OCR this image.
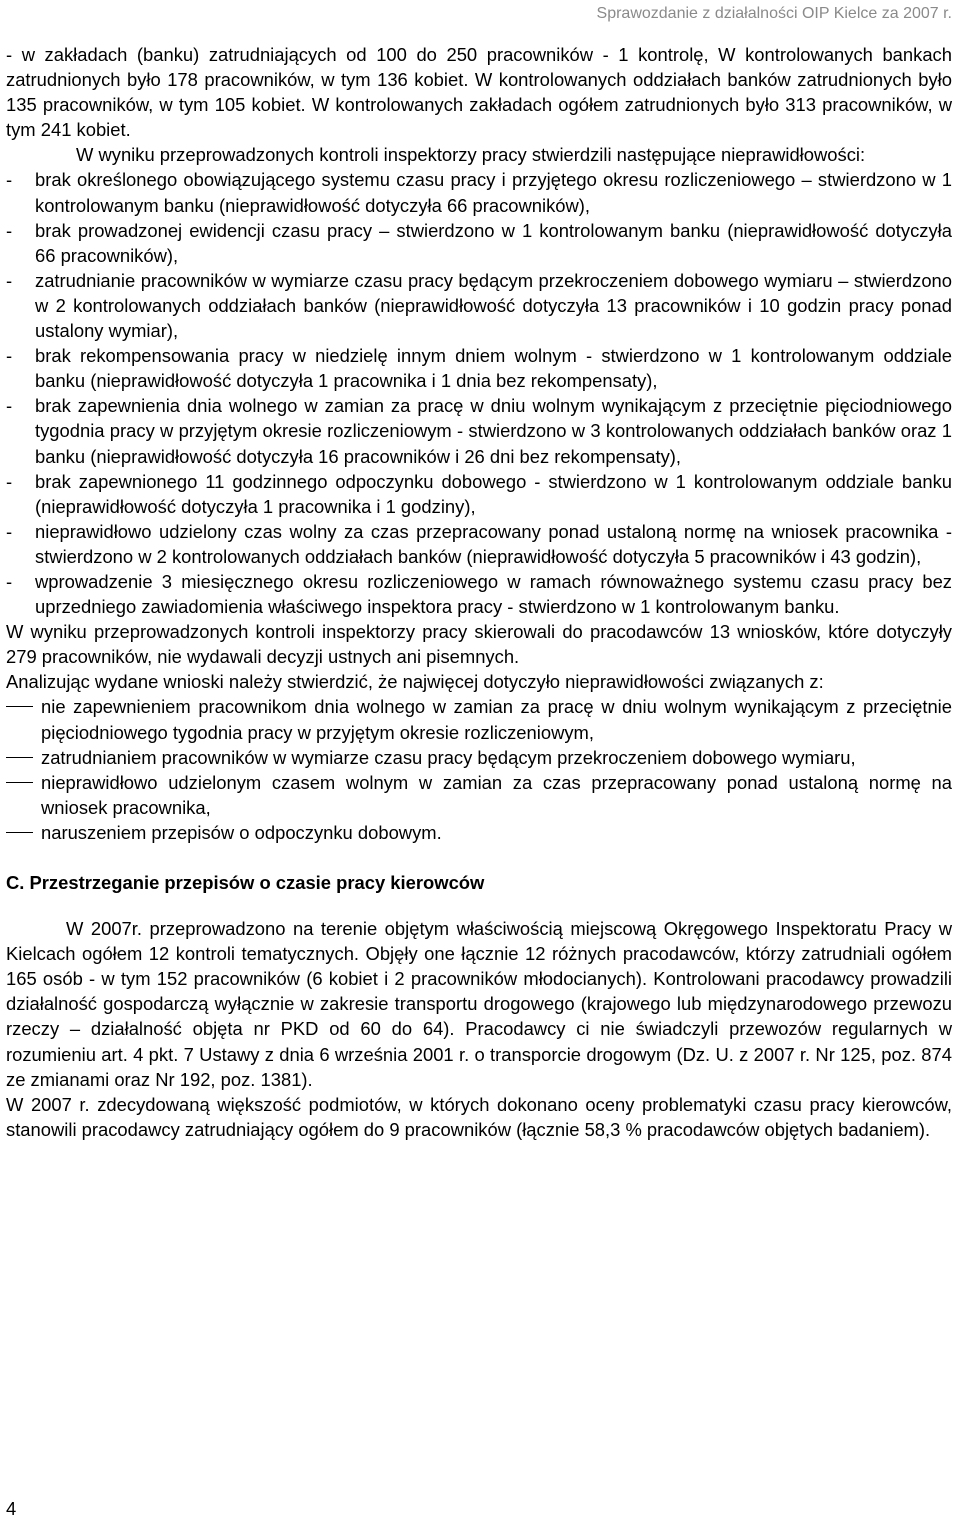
Sprawozdanie z działalności OIP Kielce za 2007 r.

- w zakładach (banku) zatrudniających od 100 do 250 pracowników - 1 kontrolę, W kontrolowanych bankach zatrudnionych było 178 pracowników, w tym 136 kobiet. W kontrolowanych oddziałach banków zatrudnionych było 135 pracowników, w tym 105 kobiet. W kontrolowanych zakładach ogółem zatrudnionych było 313 pracowników, w tym 241 kobiet.

W wyniku przeprowadzonych kontroli inspektorzy pracy stwierdzili następujące nieprawidłowości:

- brak określonego obowiązującego systemu czasu pracy i przyjętego okresu rozliczeniowego – stwierdzono w 1 kontrolowanym banku (nieprawidłowość dotyczyła 66 pracowników),
- brak prowadzonej ewidencji czasu pracy – stwierdzono w 1 kontrolowanym banku (nieprawidłowość dotyczyła 66 pracowników),
- zatrudnianie pracowników w wymiarze czasu pracy będącym przekroczeniem dobowego wymiaru – stwierdzono w 2 kontrolowanych oddziałach banków (nieprawidłowość dotyczyła 13 pracowników i 10 godzin pracy ponad ustalony wymiar),
- brak rekompensowania pracy w niedzielę innym dniem wolnym - stwierdzono w 1 kontrolowanym oddziale banku (nieprawidłowość dotyczyła 1 pracownika i 1 dnia bez rekompensaty),
- brak zapewnienia dnia wolnego w zamian za pracę w dniu wolnym wynikającym z przeciętnie pięciodniowego tygodnia pracy w przyjętym okresie rozliczeniowym - stwierdzono w 3 kontrolowanych oddziałach banków oraz 1 banku (nieprawidłowość dotyczyła 16 pracowników i 26 dni bez rekompensaty),
- brak zapewnionego 11 godzinnego odpoczynku dobowego - stwierdzono w 1 kontrolowanym oddziale banku (nieprawidłowość dotyczyła 1 pracownika i 1 godziny),
- nieprawidłowo udzielony czas wolny za czas przepracowany ponad ustaloną normę na wniosek pracownika - stwierdzono w 2 kontrolowanych oddziałach banków (nieprawidłowość dotyczyła 5 pracowników i 43 godzin),
- wprowadzenie 3 miesięcznego okresu rozliczeniowego w ramach równoważnego systemu czasu pracy bez uprzedniego zawiadomienia właściwego inspektora pracy - stwierdzono w 1 kontrolowanym banku.

W wyniku przeprowadzonych kontroli inspektorzy pracy skierowali do pracodawców 13 wniosków, które dotyczyły 279 pracowników, nie wydawali decyzji ustnych ani pisemnych.

Analizując wydane wnioski należy stwierdzić, że najwięcej dotyczyło nieprawidłowości związanych z:

nie zapewnieniem pracownikom dnia wolnego w zamian za pracę w dniu wolnym wynikającym z przeciętnie pięciodniowego tygodnia pracy w przyjętym okresie rozliczeniowym,
zatrudnianiem pracowników w wymiarze czasu pracy będącym przekroczeniem dobowego wymiaru,
nieprawidłowo udzielonym czasem wolnym w zamian za czas przepracowany ponad ustaloną normę na wniosek pracownika,
naruszeniem przepisów o odpoczynku dobowym.

C. Przestrzeganie przepisów o czasie pracy kierowców

W 2007r. przeprowadzono na terenie objętym właściwością miejscową Okręgowego Inspektoratu Pracy w Kielcach ogółem 12 kontroli tematycznych. Objęły one łącznie 12 różnych pracodawców, którzy zatrudniali ogółem 165 osób - w tym 152 pracowników (6 kobiet i 2 pracowników młodocianych). Kontrolowani pracodawcy prowadzili działalność gospodarczą wyłącznie w zakresie transportu drogowego (krajowego lub międzynarodowego przewozu rzeczy – działalność objęta nr PKD od 60 do 64). Pracodawcy ci nie świadczyli przewozów regularnych w rozumieniu art. 4 pkt. 7 Ustawy z dnia 6 września 2001 r. o transporcie drogowym (Dz. U. z 2007 r. Nr 125, poz. 874 ze zmianami oraz Nr 192, poz. 1381).

W 2007 r. zdecydowaną większość podmiotów, w których dokonano oceny problematyki czasu pracy kierowców, stanowili pracodawcy zatrudniający ogółem do 9 pracowników (łącznie 58,3 % pracodawców objętych badaniem).

4
